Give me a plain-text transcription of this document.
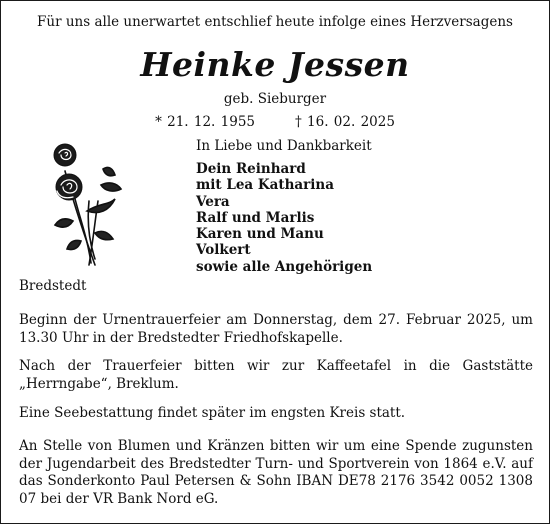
Für uns alle unerwartet entschlief heute infolge eines Herzversagens
Heinke Jessen
geb. Sieburger
* 21. 12. 1955	† 16. 02. 2025
In Liebe und Dankbarkeit
Dein Reinhard
mit Lea Katharina
Vera
Ralf und Marlis
Karen und Manu
Volkert
sowie alle Angehörigen
Bredstedt
Beginn der Urnentrauerfeier am Donnerstag, dem 27. Februar 2025, um 13.30 Uhr in der Bredstedter Friedhofskapelle.
Nach der Trauerfeier bitten wir zur Kaffeetafel in die Gaststätte „Herrngabe“, Breklum.
Eine Seebestattung findet später im engsten Kreis statt.
An Stelle von Blumen und Kränzen bitten wir um eine Spende zugunsten der Jugendarbeit des Bredstedter Turn- und Sportverein von 1864 e.V. auf das Sonderkonto Paul Petersen & Sohn IBAN DE78 2176 3542 0052 1308 07 bei der VR Bank Nord eG.
